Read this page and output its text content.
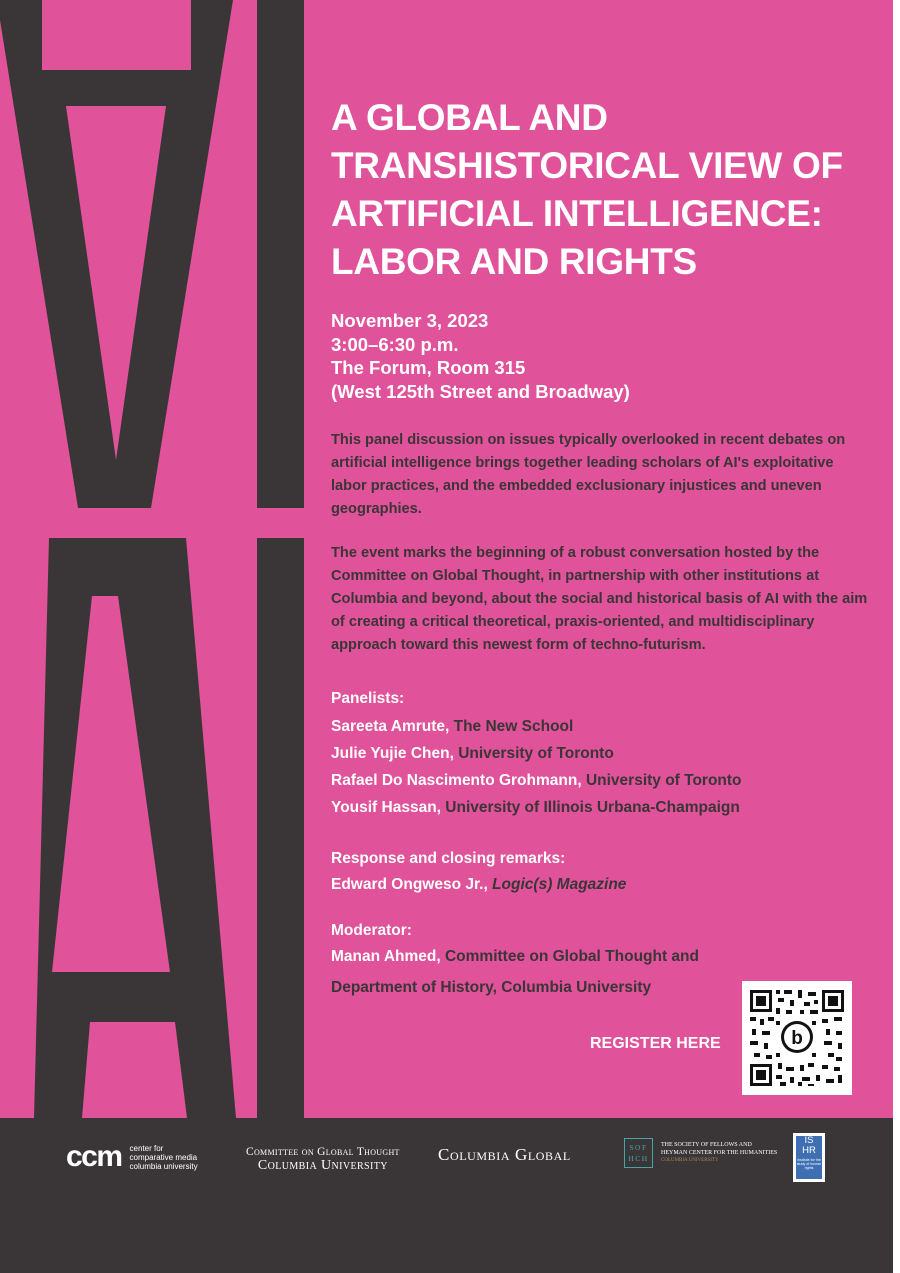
A GLOBAL AND TRANSHISTORICAL VIEW OF ARTIFICIAL INTELLIGENCE: LABOR AND RIGHTS
November 3, 2023
3:00–6:30 p.m.
The Forum, Room 315
(West 125th Street and Broadway)

This panel discussion on issues typically overlooked in recent debates on artificial intelligence brings together leading scholars of AI's exploitative labor practices, and the embedded exclusionary injustices and uneven geographies.

The event marks the beginning of a robust conversation hosted by the Committee on Global Thought, in partnership with other institutions at Columbia and beyond, about the social and historical basis of AI with the aim of creating a critical theoretical, praxis-oriented, and multidisciplinary approach toward this newest form of techno-futurism.

Panelists:
Sareeta Amrute, The New School
Julie Yujie Chen, University of Toronto
Rafael Do Nascimento Grohmann, University of Toronto
Yousif Hassan, University of Illinois Urbana-Champaign
Response and closing remarks:
Edward Ongweso Jr., Logic(s) Magazine
Moderator:
Manan Ahmed, Committee on Global Thought and
Department of History, Columbia University
REGISTER HERE	b
ccm center for
comparative media
columbia university
Committee on Global Thought
Columbia University
Columbia Global	SOF
HCH
THE SOCIETY OF FELLOWS AND
HEYMAN CENTER FOR THE HUMANITIES
COLUMBIA UNIVERSITY
IS
HR
institute for the study of human rights
